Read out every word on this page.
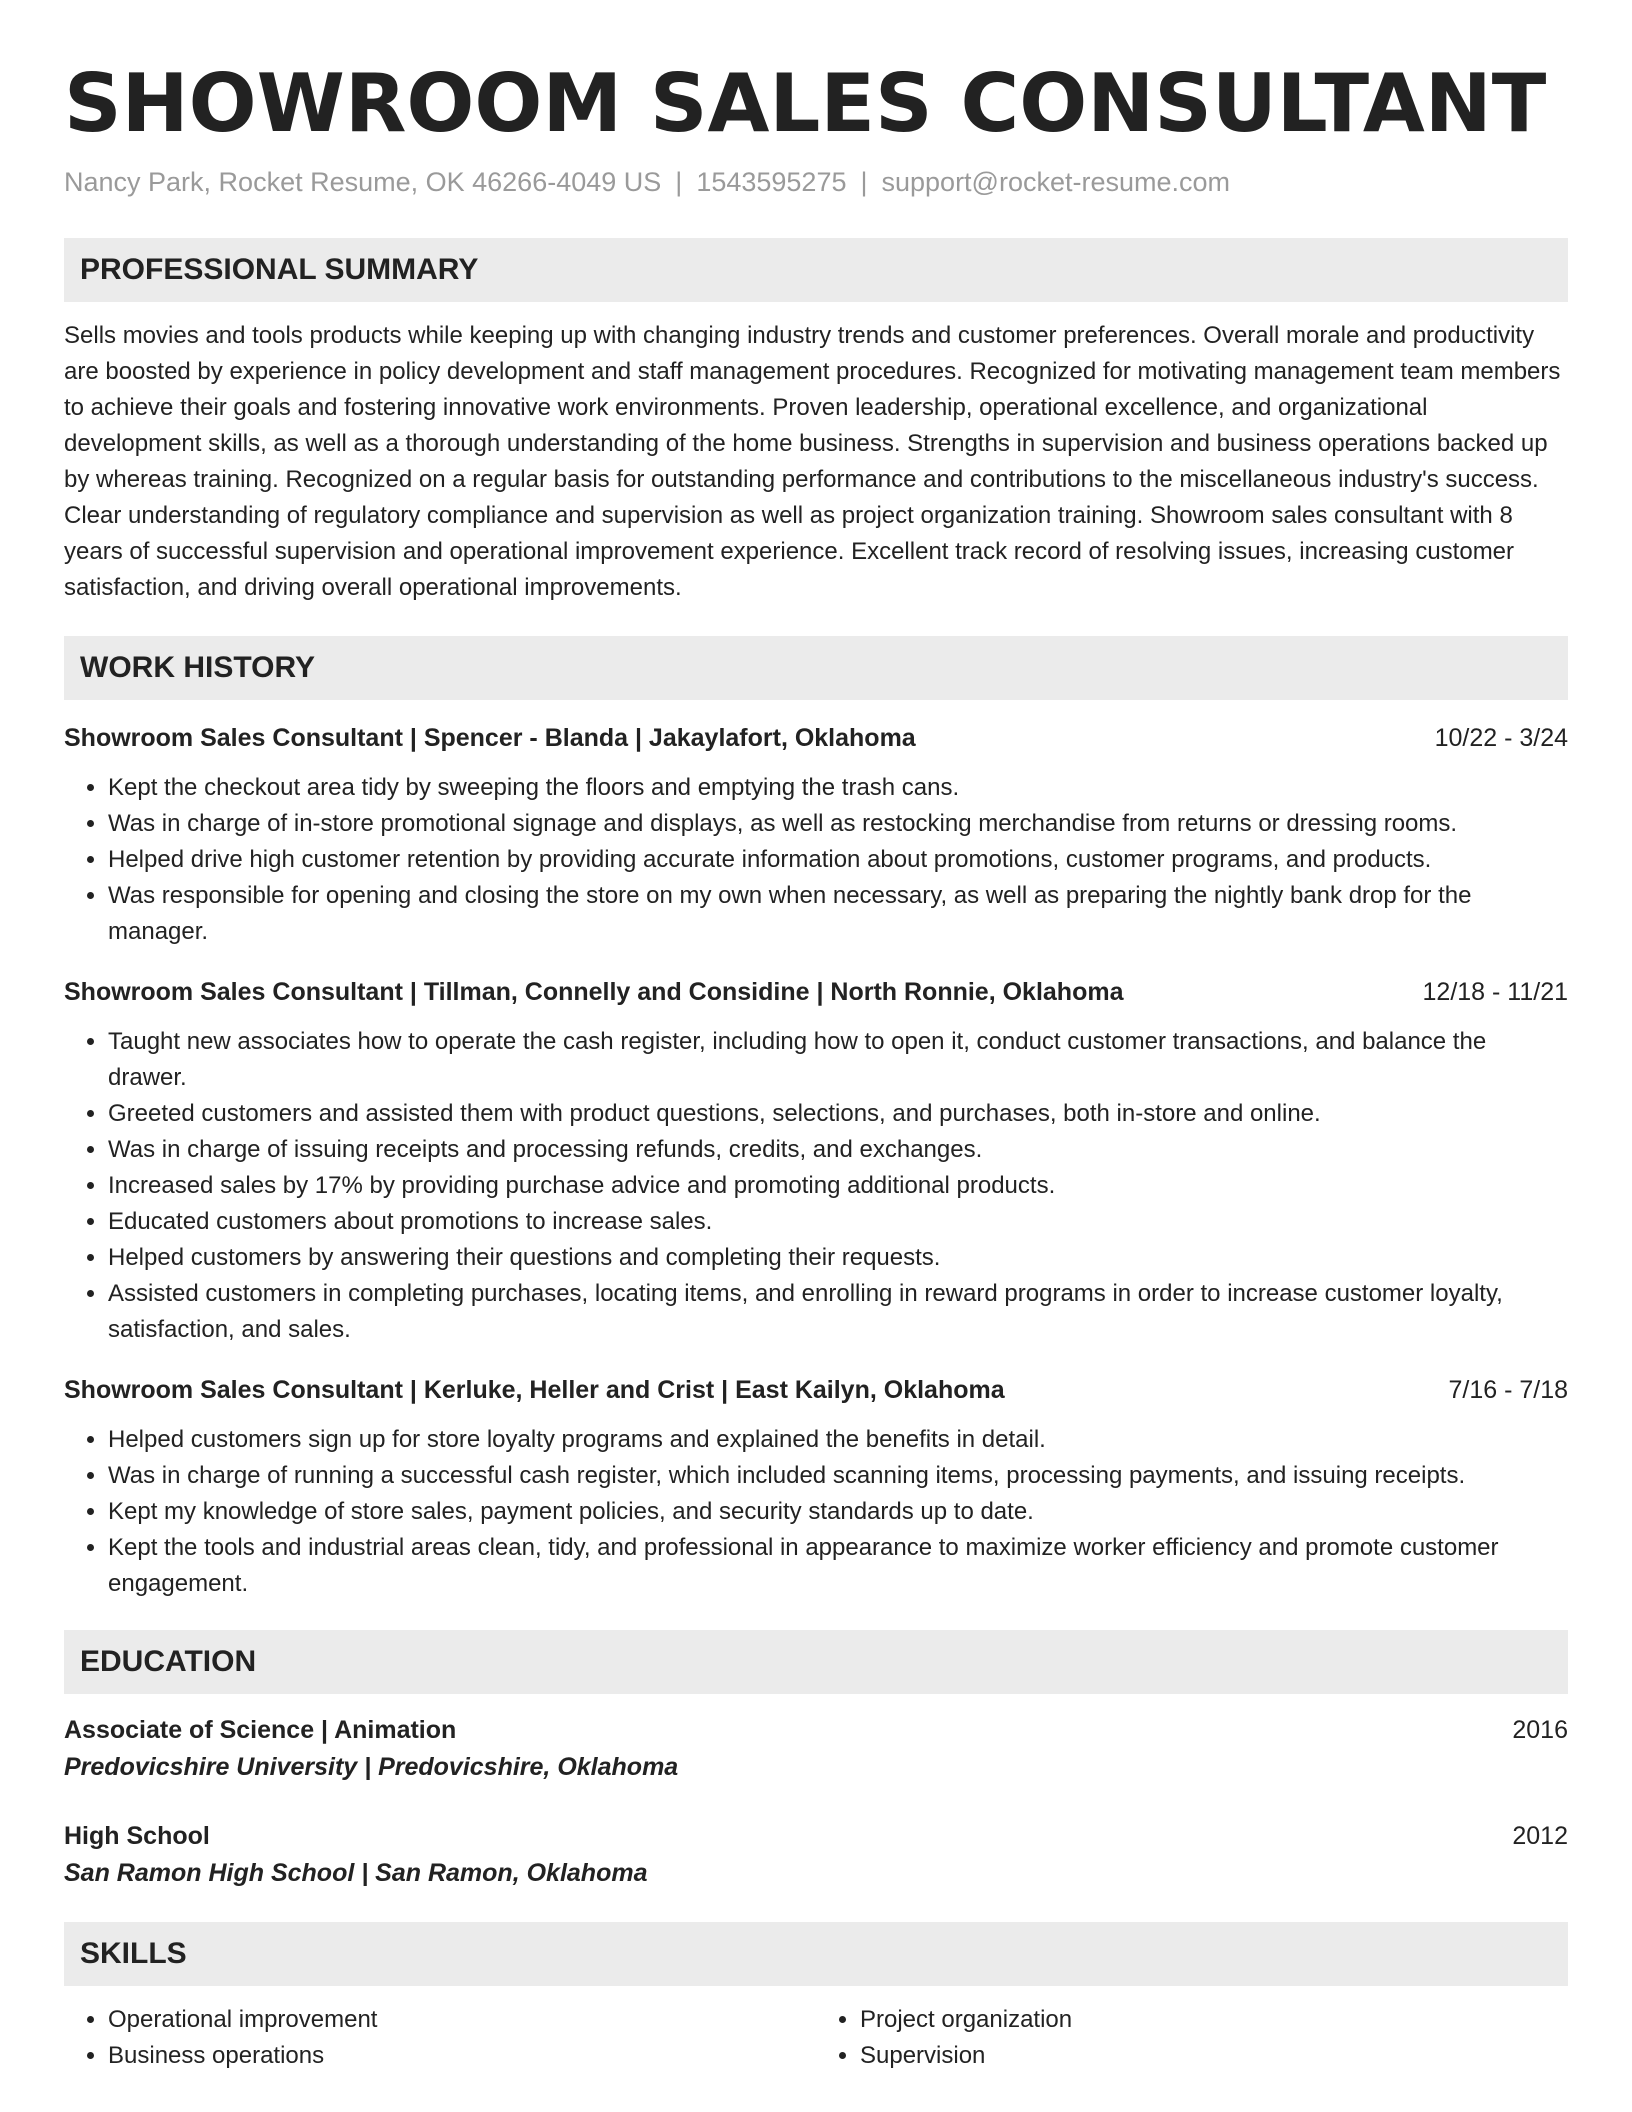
SHOWROOM SALES CONSULTANT
Nancy Park, Rocket Resume, OK 46266-4049 US | 1543595275 | support@rocket-resume.com
PROFESSIONAL SUMMARY
Sells movies and tools products while keeping up with changing industry trends and customer preferences. Overall morale and productivity are boosted by experience in policy development and staff management procedures. Recognized for motivating management team members to achieve their goals and fostering innovative work environments. Proven leadership, operational excellence, and organizational development skills, as well as a thorough understanding of the home business. Strengths in supervision and business operations backed up by whereas training. Recognized on a regular basis for outstanding performance and contributions to the miscellaneous industry's success. Clear understanding of regulatory compliance and supervision as well as project organization training. Showroom sales consultant with 8 years of successful supervision and operational improvement experience. Excellent track record of resolving issues, increasing customer satisfaction, and driving overall operational improvements.
WORK HISTORY
Showroom Sales Consultant | Spencer - Blanda | Jakaylafort, Oklahoma	10/22 - 3/24
• Kept the checkout area tidy by sweeping the floors and emptying the trash cans.
• Was in charge of in-store promotional signage and displays, as well as restocking merchandise from returns or dressing rooms.
• Helped drive high customer retention by providing accurate information about promotions, customer programs, and products.
• Was responsible for opening and closing the store on my own when necessary, as well as preparing the nightly bank drop for the manager.
Showroom Sales Consultant | Tillman, Connelly and Considine | North Ronnie, Oklahoma	12/18 - 11/21
• Taught new associates how to operate the cash register, including how to open it, conduct customer transactions, and balance the drawer.
• Greeted customers and assisted them with product questions, selections, and purchases, both in-store and online.
• Was in charge of issuing receipts and processing refunds, credits, and exchanges.
• Increased sales by 17% by providing purchase advice and promoting additional products.
• Educated customers about promotions to increase sales.
• Helped customers by answering their questions and completing their requests.
• Assisted customers in completing purchases, locating items, and enrolling in reward programs in order to increase customer loyalty, satisfaction, and sales.
Showroom Sales Consultant | Kerluke, Heller and Crist | East Kailyn, Oklahoma	7/16 - 7/18
• Helped customers sign up for store loyalty programs and explained the benefits in detail.
• Was in charge of running a successful cash register, which included scanning items, processing payments, and issuing receipts.
• Kept my knowledge of store sales, payment policies, and security standards up to date.
• Kept the tools and industrial areas clean, tidy, and professional in appearance to maximize worker efficiency and promote customer engagement.
EDUCATION
Associate of Science | Animation	2016
Predovicshire University | Predovicshire, Oklahoma
High School	2012
San Ramon High School | San Ramon, Oklahoma
SKILLS
• Operational improvement
• Business operations
• Project organization
• Supervision
